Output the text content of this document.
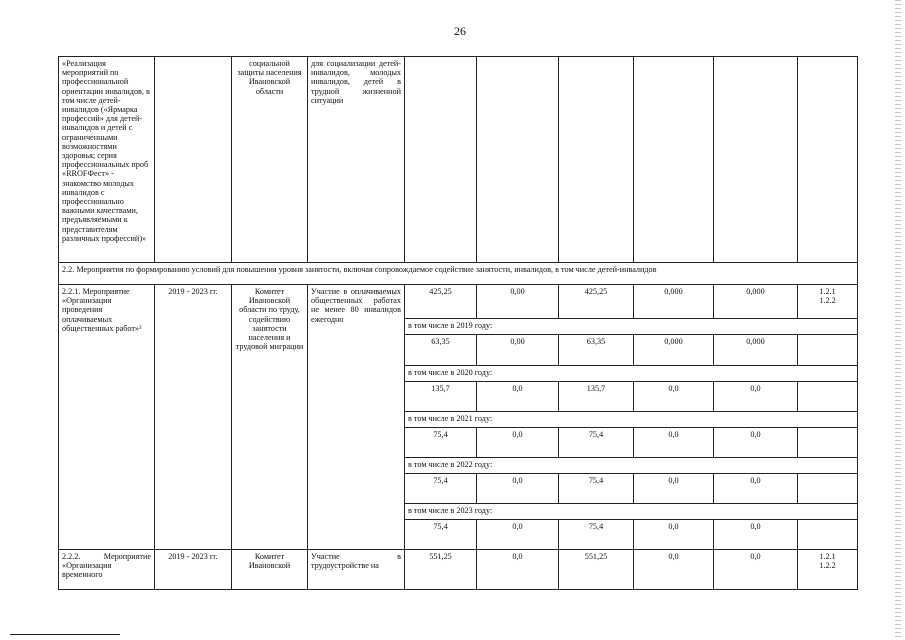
26
«Реализация мероприятий по профессиональной ориентации инвалидов, в том числе детей-инвалидов («Ярмарка профессий» для детей-инвалидов и детей с ограниченными возможностями здоровья; серия профессиональных проб «RROFФест» - знакомство молодых инвалидов с профессионально важными качествами, предъявляемыми к представителям различных профессий)»		социальной защиты населения Ивановской области	для социализации детей-инвалидов, молодых инвалидов, детей в трудной жизненной ситуации						
2.2. Мероприятия по формированию условий для повышения уровня занятости, включая сопровождаемое содействие занятости, инвалидов, в том числе детей-инвалидов									
2.2.1. Мероприятие «Организация проведения оплачиваемых общественных работ»³	2019 - 2023 гг.	Комитет Ивановской области по труду, содействию занятости населения и трудовой миграции	Участие в оплачиваемых общественных работах не менее 80 инвалидов ежегодно	425,25	0,00	425,25	0,000	0,000	1.2.1
1.2.2
				в том числе в 2019 году:					
				63,35	0,00	63,35	0,000	0,000	
				в том числе в 2020 году:					
				135,7	0,0	135,7	0,0	0,0	
				в том числе в 2021 году:					
				75,4	0,0	75,4	0,0	0,0	
				в том числе в 2022 году:					
				75,4	0,0	75,4	0,0	0,0	
				в том числе в 2023 году:					
				75,4	0,0	75,4	0,0	0,0	
2.2.2. Мероприятие «Организация временного	2019 - 2023 гг.	Комитет Ивановской	Участие в трудоустройстве на	551,25	0,0	551,25	0,0	0,0	1.2.1
1.2.2
